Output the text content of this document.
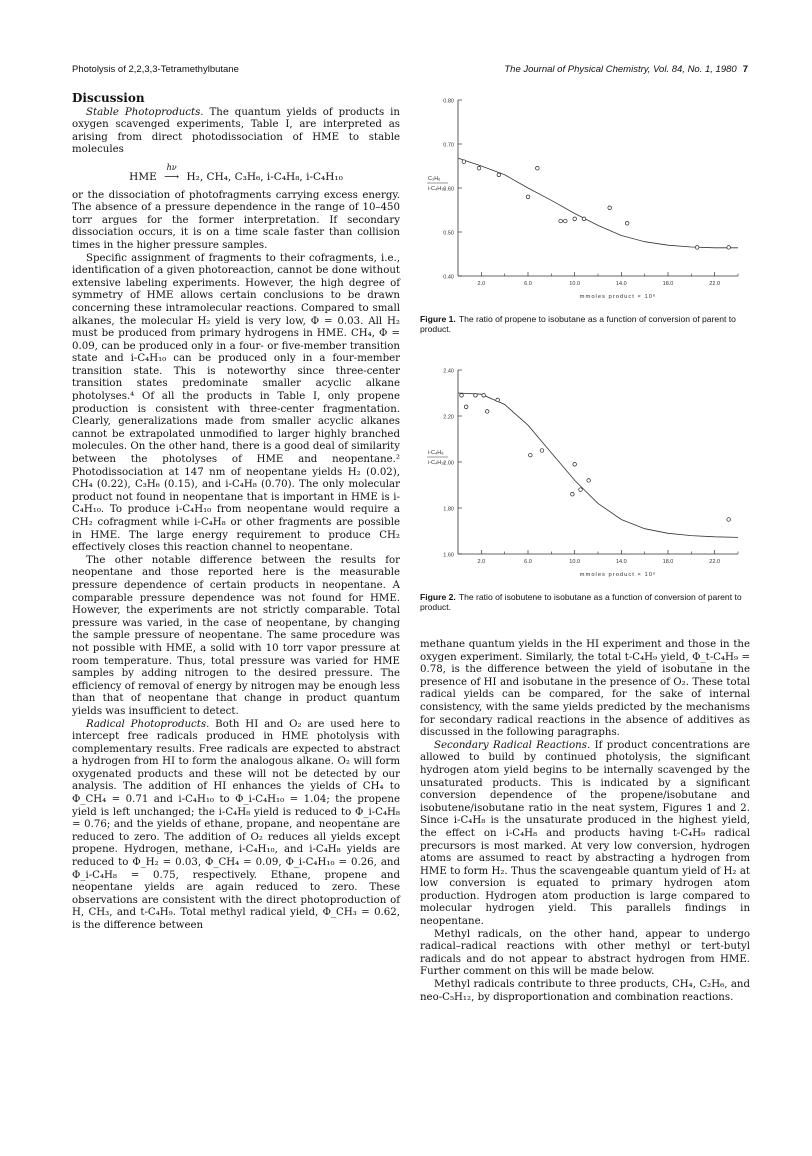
Photolysis of 2,2,3,3-Tetramethylbutane	The Journal of Physical Chemistry, Vol. 84, No. 1, 1980 7
Discussion

Stable Photoproducts. The quantum yields of products in oxygen scavenged experiments, Table I, are interpreted as arising from direct photodissociation of HME to stable molecules

HME
hν
⟶ H₂, CH₄, C₃H₆, i-C₄H₈, i-C₄H₁₀

or the dissociation of photofragments carrying excess energy. The absence of a pressure dependence in the range of 10–450 torr argues for the former interpretation. If secondary dissociation occurs, it is on a time scale faster than collision times in the higher pressure samples.

Specific assignment of fragments to their cofragments, i.e., identification of a given photoreaction, cannot be done without extensive labeling experiments. However, the high degree of symmetry of HME allows certain conclusions to be drawn concerning these intramolecular reactions. Compared to small alkanes, the molecular H₂ yield is very low, Φ = 0.03. All H₂ must be produced from primary hydrogens in HME. CH₄, Φ = 0.09, can be produced only in a four- or five-member transition state and i-C₄H₁₀ can be produced only in a four-member transition state. This is noteworthy since three-center transition states predominate smaller acyclic alkane photolyses.⁴ Of all the products in Table I, only propene production is consistent with three-center fragmentation. Clearly, generalizations made from smaller acyclic alkanes cannot be extrapolated unmodified to larger highly branched molecules. On the other hand, there is a good deal of similarity between the photolyses of HME and neopentane.² Photodissociation at 147 nm of neopentane yields H₂ (0.02), CH₄ (0.22), C₃H₆ (0.15), and i-C₄H₈ (0.70). The only molecular product not found in neopentane that is important in HME is i-C₄H₁₀. To produce i-C₄H₁₀ from neopentane would require a CH₂ cofragment while i-C₄H₈ or other fragments are possible in HME. The large energy requirement to produce CH₂ effectively closes this reaction channel to neopentane.

The other notable difference between the results for neopentane and those reported here is the measurable pressure dependence of certain products in neopentane. A comparable pressure dependence was not found for HME. However, the experiments are not strictly comparable. Total pressure was varied, in the case of neopentane, by changing the sample pressure of neopentane. The same procedure was not possible with HME, a solid with 10 torr vapor pressure at room temperature. Thus, total pressure was varied for HME samples by adding nitrogen to the desired pressure. The efficiency of removal of energy by nitrogen may be enough less than that of neopentane that change in product quantum yields was insufficient to detect.

Radical Photoproducts. Both HI and O₂ are used here to intercept free radicals produced in HME photolysis with complementary results. Free radicals are expected to abstract a hydrogen from HI to form the analogous alkane. O₂ will form oxygenated products and these will not be detected by our analysis. The addition of HI enhances the yields of CH₄ to Φ_CH₄ = 0.71 and i-C₄H₁₀ to Φ_i-C₄H₁₀ = 1.04; the propene yield is left unchanged; the i-C₄H₈ yield is reduced to Φ_i-C₄H₈ = 0.76; and the yields of ethane, propane, and neopentane are reduced to zero. The addition of O₂ reduces all yields except propene. Hydrogen, methane, i-C₄H₁₀, and i-C₄H₈ yields are reduced to Φ_H₂ = 0.03, Φ_CH₄ = 0.09, Φ_i-C₄H₁₀ = 0.26, and Φ_i-C₄H₈ = 0.75, respectively. Ethane, propene and neopentane yields are again reduced to zero. These observations are consistent with the direct photoproduction of H, CH₃, and t-C₄H₉. Total methyl radical yield, Φ_CH₃ = 0.62, is the difference between

0.80
0.70
0.60
0.50
0.40
2.0	6.0	10.0	14.0	18.0	22.0
C₃H₆
i-C₄H₁₀
mmoles product × 10⁶
Figure 1. The ratio of propene to isobutane as a function of conversion of parent to product.
2.40
2.20
2.00
1.80
1.60
2.0	6.0	10.0	14.0	18.0	22.0
i-C₄H₈
i-C₄H₁₀
mmoles product × 10⁶
Figure 2. The ratio of isobutene to isobutane as a function of conversion of parent to product.

methane quantum yields in the HI experiment and those in the oxygen experiment. Similarly, the total t-C₄H₉ yield, Φ_t-C₄H₉ = 0.78, is the difference between the yield of isobutane in the presence of HI and isobutane in the presence of O₂. These total radical yields can be compared, for the sake of internal consistency, with the same yields predicted by the mechanisms for secondary radical reactions in the absence of additives as discussed in the following paragraphs.

Secondary Radical Reactions. If product concentrations are allowed to build by continued photolysis, the significant hydrogen atom yield begins to be internally scavenged by the unsaturated products. This is indicated by a significant conversion dependence of the propene/isobutane and isobutene/isobutane ratio in the neat system, Figures 1 and 2. Since i-C₄H₈ is the unsaturate produced in the highest yield, the effect on i-C₄H₈ and products having t-C₄H₉ radical precursors is most marked. At very low conversion, hydrogen atoms are assumed to react by abstracting a hydrogen from HME to form H₂. Thus the scavengeable quantum yield of H₂ at low conversion is equated to primary hydrogen atom production. Hydrogen atom production is large compared to molecular hydrogen yield. This parallels findings in neopentane.

Methyl radicals, on the other hand, appear to undergo radical–radical reactions with other methyl or tert-butyl radicals and do not appear to abstract hydrogen from HME. Further comment on this will be made below.

Methyl radicals contribute to three products, CH₄, C₂H₆, and neo-C₅H₁₂, by disproportionation and combination reactions.
